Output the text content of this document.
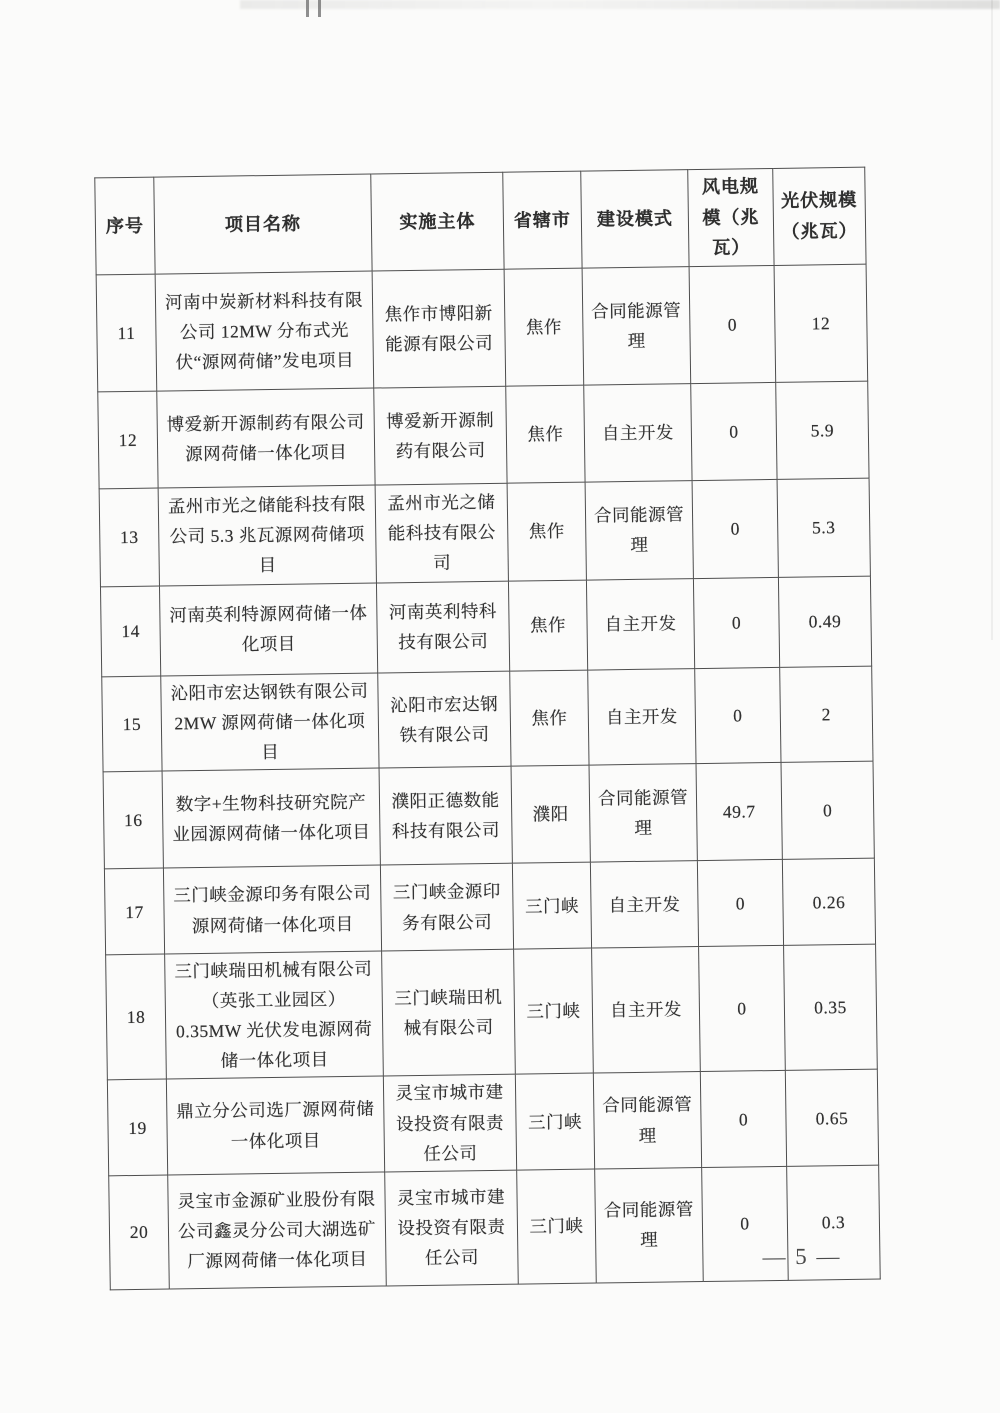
序号	项目名称	实施主体	省辖市	建设模式	风电规模（兆瓦）	光伏规模（兆瓦）
11	河南中炭新材料科技有限公司 12MW 分布式光伏“源网荷储”发电项目	焦作市博阳新能源有限公司	焦作	合同能源管理	0	12
12	博爱新开源制药有限公司源网荷储一体化项目	博爱新开源制药有限公司	焦作	自主开发	0	5.9
13	孟州市光之储能科技有限公司 5.3 兆瓦源网荷储项目	孟州市光之储能科技有限公司	焦作	合同能源管理	0	5.3
14	河南英利特源网荷储一体化项目	河南英利特科技有限公司	焦作	自主开发	0	0.49
15	沁阳市宏达钢铁有限公司 2MW 源网荷储一体化项目	沁阳市宏达钢铁有限公司	焦作	自主开发	0	2
16	数字+生物科技研究院产业园源网荷储一体化项目	濮阳正德数能科技有限公司	濮阳	合同能源管理	49.7	0
17	三门峡金源印务有限公司源网荷储一体化项目	三门峡金源印务有限公司	三门峡	自主开发	0	0.26
18	三门峡瑞田机械有限公司（英张工业园区）0.35MW 光伏发电源网荷储一体化项目	三门峡瑞田机械有限公司	三门峡	自主开发	0	0.35
19	鼎立分公司选厂源网荷储一体化项目	灵宝市城市建设投资有限责任公司	三门峡	合同能源管理	0	0.65
20	灵宝市金源矿业股份有限公司鑫灵分公司大湖选矿厂源网荷储一体化项目	灵宝市城市建设投资有限责任公司	三门峡	合同能源管理	0	0.3
— 5 —
